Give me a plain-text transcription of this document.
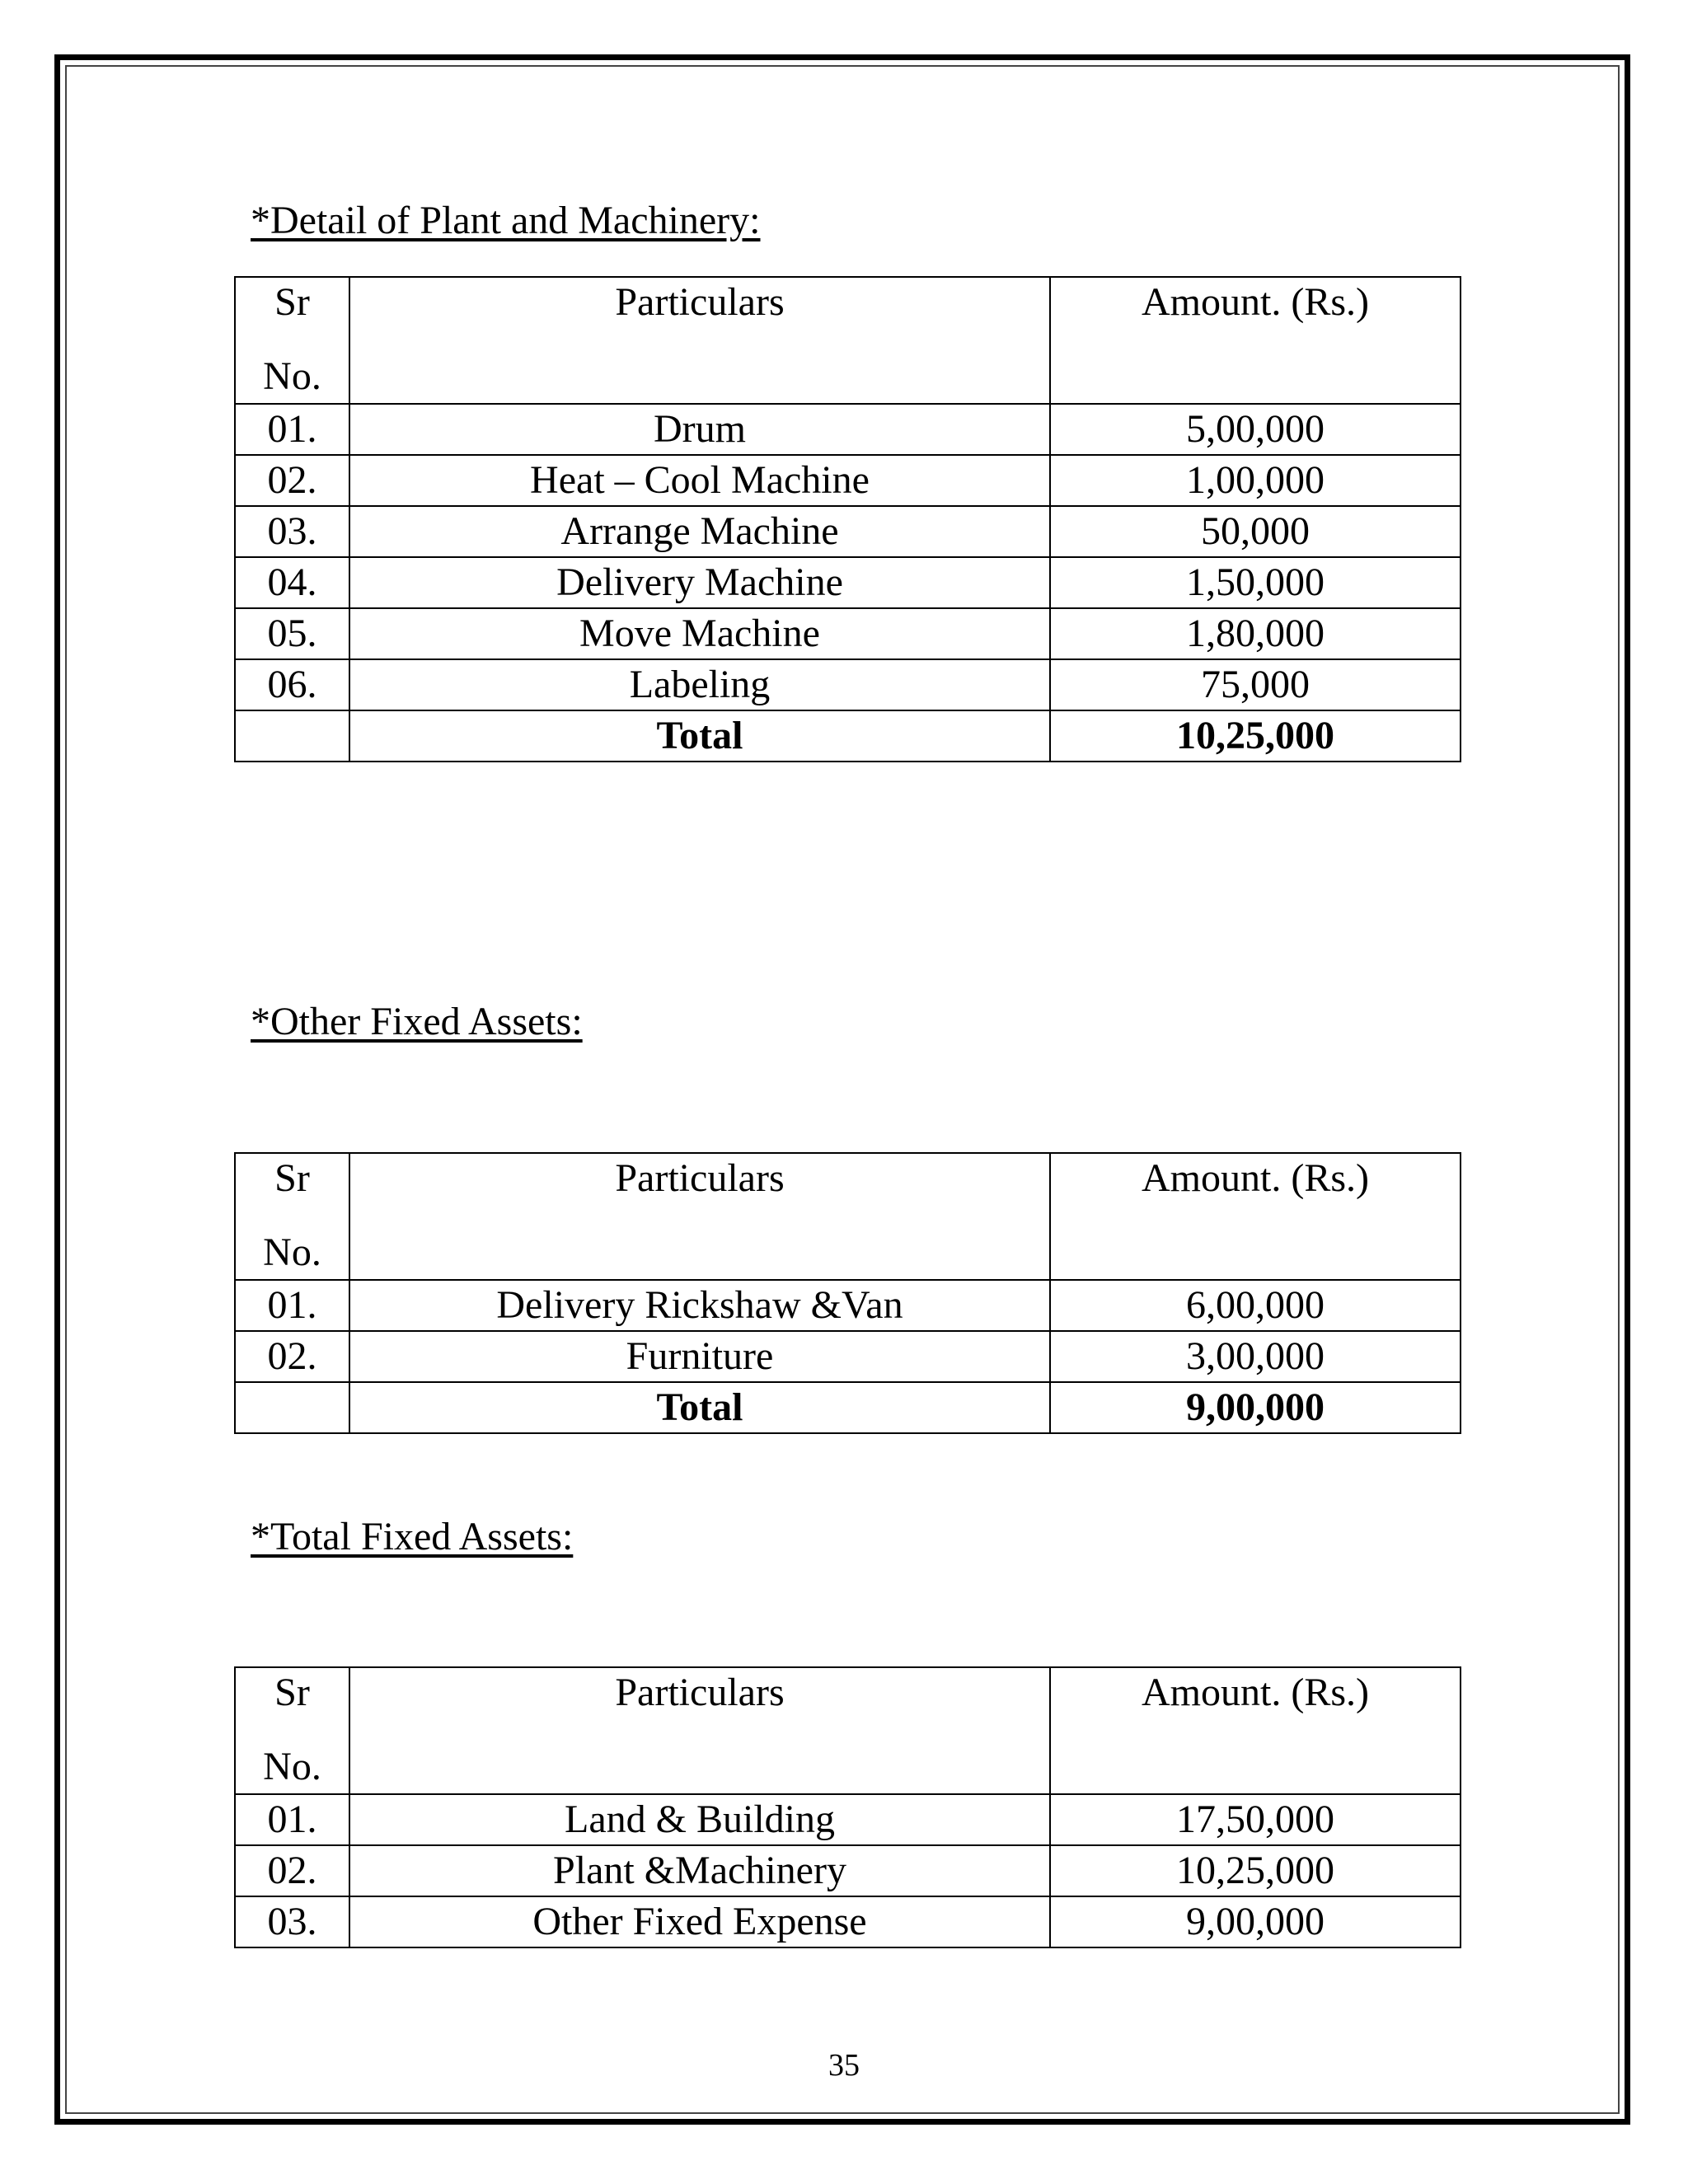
*Detail of Plant and Machinery:
Sr
No.	Particulars	Amount. (Rs.)
01.	Drum	5,00,000
02.	Heat – Cool Machine	1,00,000
03.	Arrange Machine	50,000
04.	Delivery Machine	1,50,000
05.	Move Machine	1,80,000
06.	Labeling	75,000
	Total	10,25,000
*Other Fixed Assets:
Sr
No.	Particulars	Amount. (Rs.)
01.	Delivery Rickshaw &Van	6,00,000
02.	Furniture	3,00,000
	Total	9,00,000
*Total Fixed Assets:
Sr
No.	Particulars	Amount. (Rs.)
01.	Land & Building	17,50,000
02.	Plant &Machinery	10,25,000
03.	Other Fixed Expense	9,00,000
35
